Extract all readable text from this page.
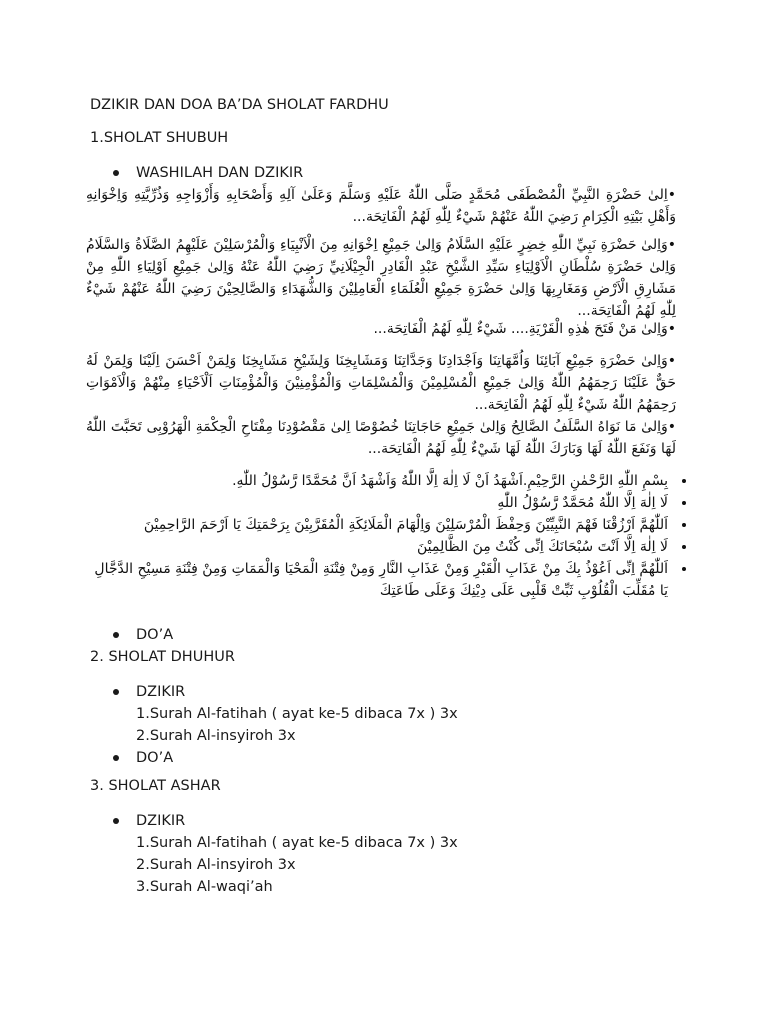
DZIKIR DAN DOA BA’DA SHOLAT FARDHU
1.SHOLAT SHUBUH
WASHILAH DAN DZIKIR
•اِلىٰ حَضْرَةِ النَّبِيِّ الْمُصْطَفَى مُحَمَّدٍ صَلَّى اللّٰهُ عَلَيْهِ وَسَلَّمَ وَعَلَىٰ آلِهِ وَأَصْحَابِهِ وَأَزْوَاجِهِ وَذُرِّيَّتِهِ وَاِخْوَانِهِ وَأَهْلِ بَيْتِهِ الْكِرَامِ رَضِيَ اللّٰهُ عَنْهُمْ شَيْءٌ لِلّٰهِ لَهُمُ الْفَاتِحَة...
•وَاِلىٰ حَضْرَةِ نَبِيِّ اللّٰهِ خِضِرٍ عَلَيْهِ السَّلَامُ وَاِلىٰ جَمِيْعِ اِخْوَانِهِ مِنَ الْاَنْبِيَاءِ وَالْمُرْسَلِيْنَ عَلَيْهِمُ الصَّلَاةُ وَالسَّلَامُ وَاِلىٰ حَضْرَةِ سُلْطَانِ الْاَوْلِيَاءِ سَيِّدِ الشَّيْخِ عَبْدِ الْقَادِرِ الْجِيْلَانِيِّ رَضِيَ اللّٰهُ عَنْهُ وَاِلىٰ جَمِيْعِ اَوْلِيَاءِ اللّٰهِ مِنْ مَشَارِقِ الْاَرْضِ وَمَغَارِبِهَا وَاِلىٰ حَضْرَةِ جَمِيْعِ الْعُلَمَاءِ الْعَامِلِيْنَ وَالشُّهَدَاءِ وَالصَّالِحِيْنَ رَضِيَ اللّٰهُ عَنْهُمْ شَيْءٌ لِلّٰهِ لَهُمُ الْفَاتِحَة...
•وَاِلىٰ مَنْ فَتَحَ هٰذِهِ الْقَرْيَةِ.... شَيْءٌ لِلّٰهِ لَهُمُ الْفَاتِحَة...
•وَاِلىٰ حَضْرَةِ جَمِيْعِ آبَائِنَا وَاُمَّهَاتِنَا وَاَجْدَادِنَا وَجَدَّاتِنَا وَمَشَايِخِنَا وَلِشَيْخِ مَشَايِخِنَا وَلِمَنْ اَحْسَنَ اِلَيْنَا وَلِمَنْ لَهُ حَقٌّ عَلَيْنَا رَحِمَهُمُ اللّٰهُ وَاِلىٰ جَمِيْعِ الْمُسْلِمِيْنَ وَالْمُسْلِمَاتِ وَالْمُؤْمِنِيْنَ وَالْمُؤْمِنَاتِ اَلْاَحْيَاءِ مِنْهُمْ وَالْاَمْوَاتِ رَحِمَهُمُ اللّٰهُ شَيْءٌ لِلّٰهِ لَهُمُ الْفَاتِحَة...
•وَاِلىٰ مَا نَوَاهُ السَّلَفُ الصَّالِحُ وَاِلىٰ جَمِيْعِ حَاجَاتِنَا خُصُوْصًا اِلىٰ مَقْصُوْدِنَا مِفْتَاحِ الْحِكْمَةِ الْهَرُوْبِى تَحَبَّتَ اللّٰهُ لَهَا وَنَفَعَ اللّٰهُ لَهَا وَبَارَكَ اللّٰهُ لَهَا شَيْءٌ لِلّٰهِ لَهُمُ الْفَاتِحَة...
بِسْمِ اللّٰهِ الرَّحْمٰنِ الرَّحِيْمِ.اَشْهَدُ اَنْ لَا اِلٰهَ اِلَّا اللّٰهُ وَاَشْهَدُ اَنَّ مُحَمَّدًا رَّسُوْلُ اللّٰهِ.
لَا اِلٰهَ اِلَّا اللّٰهُ مُحَمَّدٌ رَّسُوْلُ اللّٰهِ
اَللّٰهُمَّ اَرْزُقْنَا فَهْمَ النَّبِيِّيْنَ وَحِفْظَ الْمُرْسَلِيْنَ وَاِلْهَامَ الْمَلَائِكَةِ الْمُقَرَّبِيْنَ بِرَحْمَتِكَ يَا اَرْحَمَ الرَّاحِمِيْنَ
لَا اِلٰهَ اِلَّا اَنْتَ سُبْحَانَكَ اِنِّى كُنْتُ مِنَ الظَّالِمِيْنَ
اَللّٰهُمَّ اِنِّى اَعُوْذُ بِكَ مِنْ عَذَابِ الْقَبْرِ وَمِنْ عَذَابِ النَّارِ وَمِنْ فِتْنَةِ الْمَحْيَا وَالْمَمَاتِ وَمِنْ فِتْنَةِ مَسِيْحِ الدَّجَّالِ يَا مُقَلِّبَ الْقُلُوْبِ ثَبِّتْ قَلْبِى عَلَى دِيْنِكَ وَعَلَى طَاعَتِكَ
DO’A
2. SHOLAT DHUHUR
DZIKIR
1.Surah Al-fatihah ( ayat ke-5 dibaca 7x ) 3x
2.Surah Al-insyiroh 3x
DO’A
3. SHOLAT ASHAR
DZIKIR
1.Surah Al-fatihah ( ayat ke-5 dibaca 7x ) 3x
2.Surah Al-insyiroh 3x
3.Surah Al-waqi’ah
